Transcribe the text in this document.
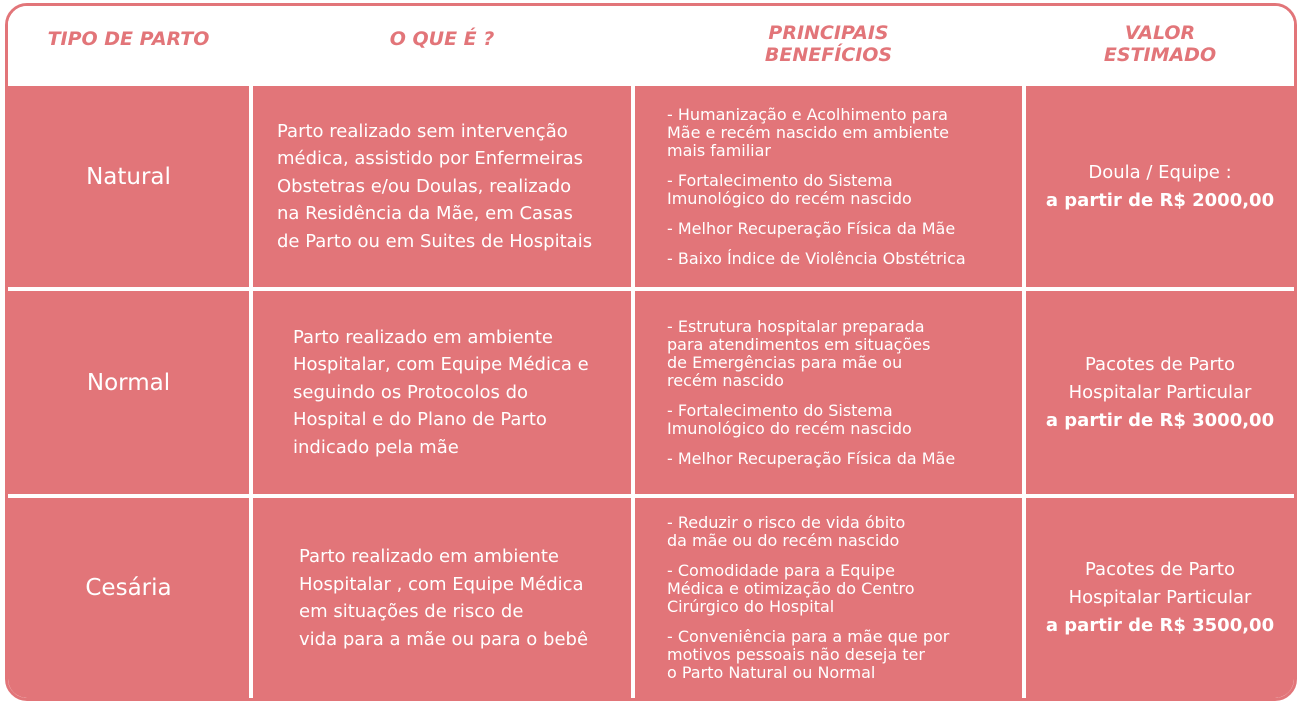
TIPO DE PARTO	O QUE É ?	PRINCIPAIS
BENEFÍCIOS
VALOR
ESTIMADO
Natural
Parto realizado sem intervenção
médica, assistido por Enfermeiras
Obstetras e/ou Doulas, realizado
na Residência da Mãe, em Casas
de Parto ou em Suites de Hospitais
- Humanização e Acolhimento para
Mãe e recém nascido em ambiente
mais familiar
- Fortalecimento do Sistema
Imunológico do recém nascido
- Melhor Recuperação Física da Mãe
- Baixo Índice de Violência Obstétrica
Doula / Equipe :
a partir de R$ 2000,00
Normal
Parto realizado em ambiente
Hospitalar, com Equipe Médica e
seguindo os Protocolos do
Hospital e do Plano de Parto
indicado pela mãe
- Estrutura hospitalar preparada
para atendimentos em situações
de Emergências para mãe ou
recém nascido
- Fortalecimento do Sistema
Imunológico do recém nascido
- Melhor Recuperação Física da Mãe
Pacotes de Parto
Hospitalar Particular
a partir de R$ 3000,00
Cesária
Parto realizado em ambiente
Hospitalar , com Equipe Médica
em situações de risco de
vida para a mãe ou para o bebê
- Reduzir o risco de vida óbito
da mãe ou do recém nascido
- Comodidade para a Equipe
Médica e otimização do Centro
Cirúrgico do Hospital
- Conveniência para a mãe que por
motivos pessoais não deseja ter
o Parto Natural ou Normal
Pacotes de Parto
Hospitalar Particular
a partir de R$ 3500,00
